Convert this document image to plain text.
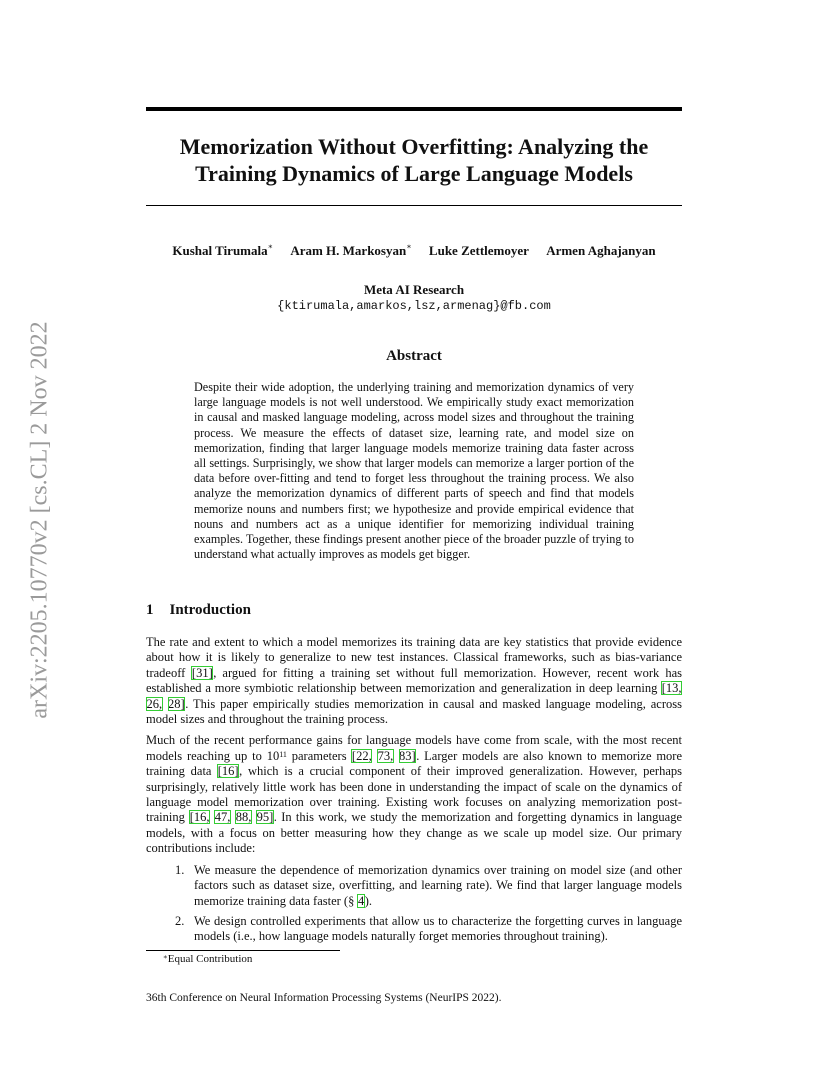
arXiv:2205.10770v2 [cs.CL] 2 Nov 2022
Memorization Without Overfitting: Analyzing the
Training Dynamics of Large Language Models
Kushal Tirumala∗ Aram H. Markosyan∗ Luke Zettlemoyer Armen Aghajanyan
Meta AI Research
{ktirumala,amarkos,lsz,armenag}@fb.com
Abstract
Despite their wide adoption, the underlying training and memorization dynamics of very large language models is not well understood. We empirically study exact memorization in causal and masked language modeling, across model sizes and throughout the training process. We measure the effects of dataset size, learning rate, and model size on memorization, finding that larger language models memorize training data faster across all settings. Surprisingly, we show that larger models can memorize a larger portion of the data before over-fitting and tend to forget less throughout the training process. We also analyze the memorization dynamics of different parts of speech and find that models memorize nouns and numbers first; we hypothesize and provide empirical evidence that nouns and numbers act as a unique identifier for memorizing individual training examples. Together, these findings present another piece of the broader puzzle of trying to understand what actually improves as models get bigger.
1 Introduction

The rate and extent to which a model memorizes its training data are key statistics that provide evidence about how it is likely to generalize to new test instances. Classical frameworks, such as bias-variance tradeoff [31], argued for fitting a training set without full memorization. However, recent work has established a more symbiotic relationship between memorization and generalization in deep learning [13, 26, 28]. This paper empirically studies memorization in causal and masked language modeling, across model sizes and throughout the training process.

Much of the recent performance gains for language models have come from scale, with the most recent models reaching up to $10^{11}$ parameters [22, 73, 83]. Larger models are also known to memorize more training data [16], which is a crucial component of their improved generalization. However, perhaps surprisingly, relatively little work has been done in understanding the impact of scale on the dynamics of language model memorization over training. Existing work focuses on analyzing memorization post-training [16, 47, 88, 95]. In this work, we study the memorization and forgetting dynamics in language models, with a focus on better measuring how they change as we scale up model size. Our primary contributions include:

1. We measure the dependence of memorization dynamics over training on model size (and other factors such as dataset size, overfitting, and learning rate). We find that larger language models memorize training data faster (§ 4).
2. We design controlled experiments that allow us to characterize the forgetting curves in language models (i.e., how language models naturally forget memories throughout training).
∗Equal Contribution
36th Conference on Neural Information Processing Systems (NeurIPS 2022).
